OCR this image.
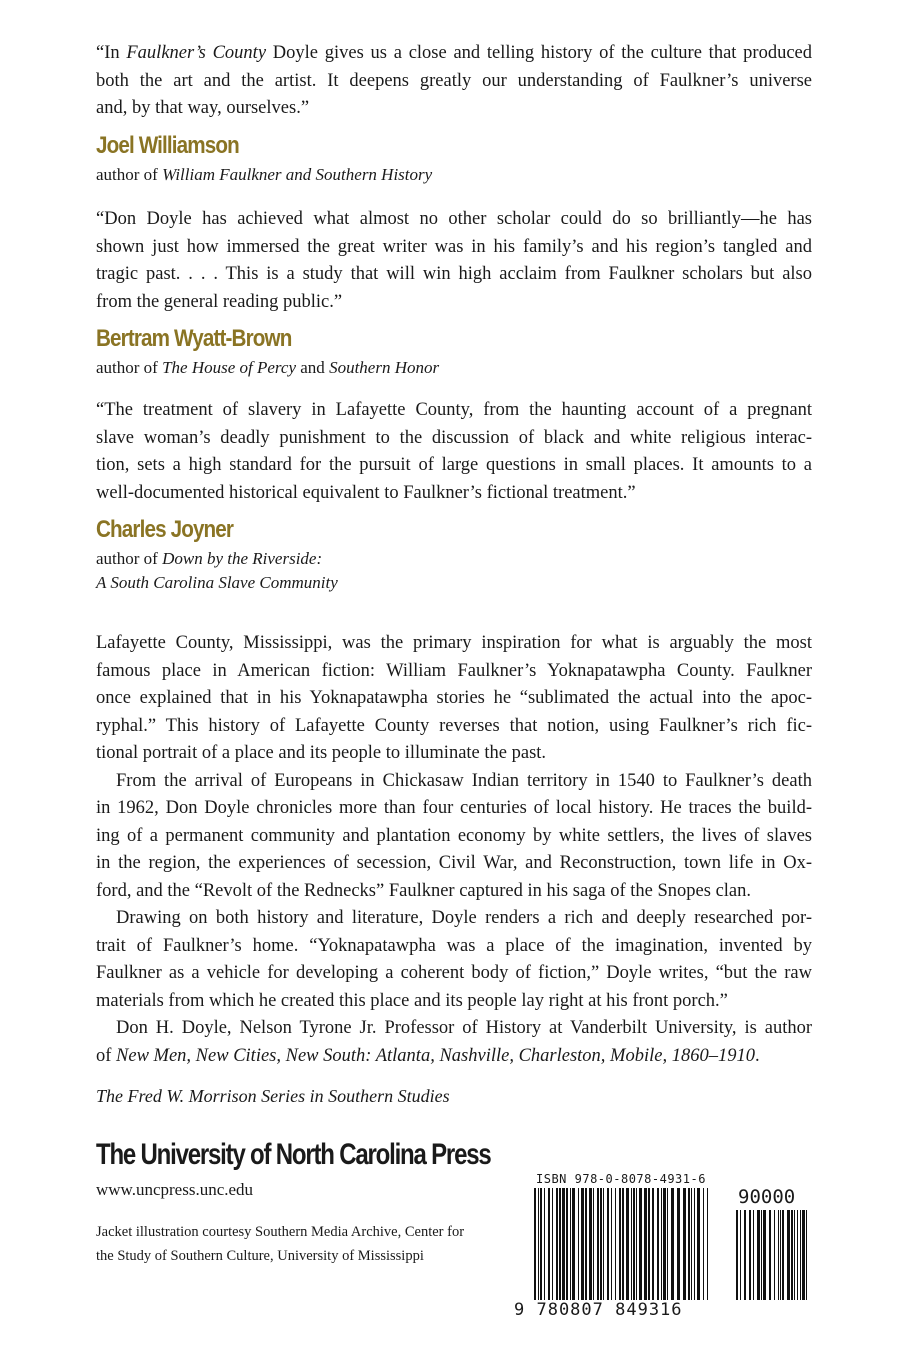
“In Faulkner’s County Doyle gives us a close and telling history of the culture that produced
both the art and the artist. It deepens greatly our understanding of Faulkner’s universe
and, by that way, ourselves.”
Joel Williamson
author of William Faulkner and Southern History
“Don Doyle has achieved what almost no other scholar could do so brilliantly—he has
shown just how immersed the great writer was in his family’s and his region’s tangled and
tragic past. . . . This is a study that will win high acclaim from Faulkner scholars but also
from the general reading public.”
Bertram Wyatt-Brown
author of The House of Percy and Southern Honor
“The treatment of slavery in Lafayette County, from the haunting account of a pregnant
slave woman’s deadly punishment to the discussion of black and white religious interac-
tion, sets a high standard for the pursuit of large questions in small places. It amounts to a
well-documented historical equivalent to Faulkner’s fictional treatment.”
Charles Joyner
author of Down by the Riverside:
A South Carolina Slave Community
Lafayette County, Mississippi, was the primary inspiration for what is arguably the most
famous place in American fiction: William Faulkner’s Yoknapatawpha County. Faulkner
once explained that in his Yoknapatawpha stories he “sublimated the actual into the apoc-
ryphal.” This history of Lafayette County reverses that notion, using Faulkner’s rich fic-
tional portrait of a place and its people to illuminate the past.
From the arrival of Europeans in Chickasaw Indian territory in 1540 to Faulkner’s death
in 1962, Don Doyle chronicles more than four centuries of local history. He traces the build-
ing of a permanent community and plantation economy by white settlers, the lives of slaves
in the region, the experiences of secession, Civil War, and Reconstruction, town life in Ox-
ford, and the “Revolt of the Rednecks” Faulkner captured in his saga of the Snopes clan.
Drawing on both history and literature, Doyle renders a rich and deeply researched por-
trait of Faulkner’s home. “Yoknapatawpha was a place of the imagination, invented by
Faulkner as a vehicle for developing a coherent body of fiction,” Doyle writes, “but the raw
materials from which he created this place and its people lay right at his front porch.”
Don H. Doyle, Nelson Tyrone Jr. Professor of History at Vanderbilt University, is author
of New Men, New Cities, New South: Atlanta, Nashville, Charleston, Mobile, 1860–1910.
The Fred W. Morrison Series in Southern Studies
The University of North Carolina Press
www.uncpress.unc.edu
Jacket illustration courtesy Southern Media Archive, Center for
the Study of Southern Culture, University of Mississippi
ISBN 978-0-8078-4931-6
90000
9 780807 849316
